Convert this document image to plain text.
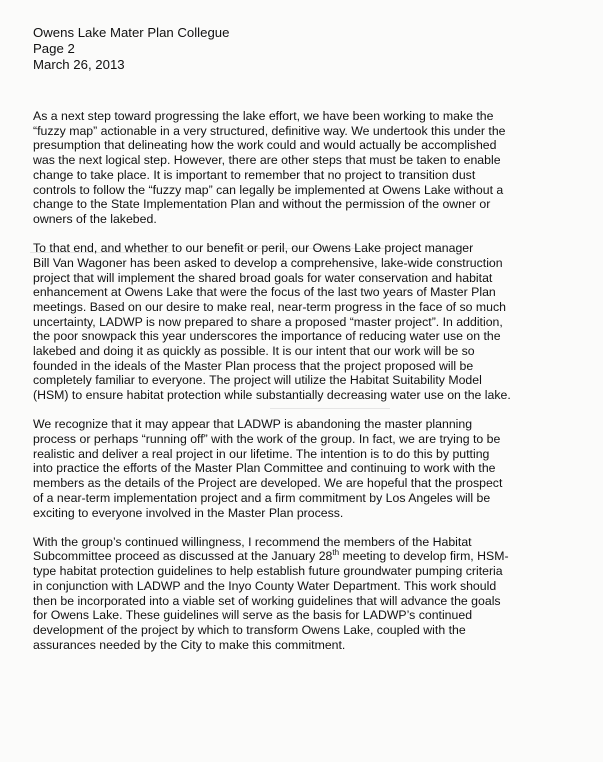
Owens Lake Mater Plan Collegue
Page 2
March 26, 2013
As a next step toward progressing the lake effort, we have been working to make the
“fuzzy map” actionable in a very structured, definitive way. We undertook this under the
presumption that delineating how the work could and would actually be accomplished
was the next logical step. However, there are other steps that must be taken to enable
change to take place. It is important to remember that no project to transition dust
controls to follow the “fuzzy map” can legally be implemented at Owens Lake without a
change to the State Implementation Plan and without the permission of the owner or
owners of the lakebed.
To that end, and whether to our benefit or peril, our Owens Lake project manager
Bill Van Wagoner has been asked to develop a comprehensive, lake-wide construction
project that will implement the shared broad goals for water conservation and habitat
enhancement at Owens Lake that were the focus of the last two years of Master Plan
meetings. Based on our desire to make real, near-term progress in the face of so much
uncertainty, LADWP is now prepared to share a proposed “master project”. In addition,
the poor snowpack this year underscores the importance of reducing water use on the
lakebed and doing it as quickly as possible. It is our intent that our work will be so
founded in the ideals of the Master Plan process that the project proposed will be
completely familiar to everyone. The project will utilize the Habitat Suitability Model
(HSM) to ensure habitat protection while substantially decreasing water use on the lake.
We recognize that it may appear that LADWP is abandoning the master planning
process or perhaps “running off” with the work of the group. In fact, we are trying to be
realistic and deliver a real project in our lifetime. The intention is to do this by putting
into practice the efforts of the Master Plan Committee and continuing to work with the
members as the details of the Project are developed. We are hopeful that the prospect
of a near-term implementation project and a firm commitment by Los Angeles will be
exciting to everyone involved in the Master Plan process.
With the group’s continued willingness, I recommend the members of the Habitat
Subcommittee proceed as discussed at the January 28th meeting to develop firm, HSM-
type habitat protection guidelines to help establish future groundwater pumping criteria
in conjunction with LADWP and the Inyo County Water Department. This work should
then be incorporated into a viable set of working guidelines that will advance the goals
for Owens Lake. These guidelines will serve as the basis for LADWP’s continued
development of the project by which to transform Owens Lake, coupled with the
assurances needed by the City to make this commitment.
